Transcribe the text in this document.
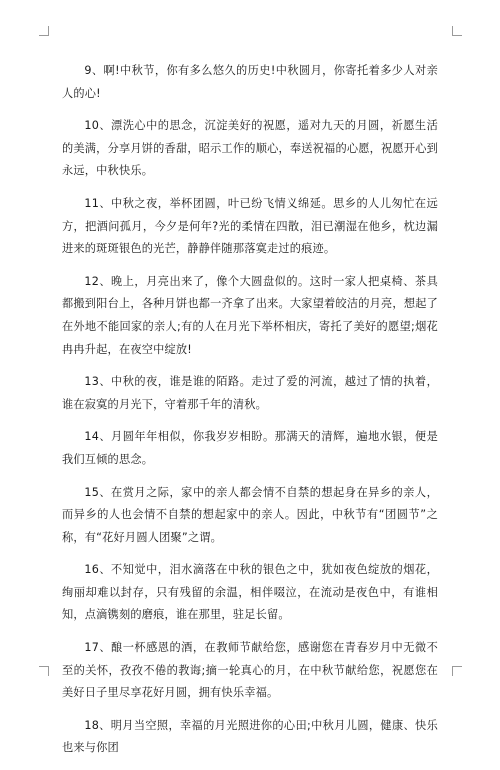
9、啊!中秋节，你有多么悠久的历史!中秋圆月，你寄托着多少人对亲人的心!

10、漂洗心中的思念，沉淀美好的祝愿，遥对九天的月圆，祈愿生活的美满，分享月饼的香甜，昭示工作的顺心，奉送祝福的心愿，祝愿开心到永远，中秋快乐。

11、中秋之夜，举杯团圆，叶已纷飞情义绵延。思乡的人儿匆忙在远方，把酒问孤月，今夕是何年?光的柔情在四散，泪已潮湿在他乡，枕边漏进来的斑斑银色的光芒，静静伴随那落寞走过的痕迹。

12、晚上，月亮出来了，像个大圆盘似的。这时一家人把桌椅、茶具都搬到阳台上，各种月饼也都一齐拿了出来。大家望着皎洁的月亮，想起了在外地不能回家的亲人;有的人在月光下举杯相庆，寄托了美好的愿望;烟花冉冉升起，在夜空中绽放!

13、中秋的夜，谁是谁的陌路。走过了爱的河流，越过了情的执着，谁在寂寞的月光下，守着那千年的清秋。

14、月圆年年相似，你我岁岁相盼。那满天的清辉，遍地水银，便是我们互倾的思念。

15、在赏月之际，家中的亲人都会情不自禁的想起身在异乡的亲人，而异乡的人也会情不自禁的想起家中的亲人。因此，中秋节有“团圆节”之称，有“花好月圆人团聚”之谓。

16、不知觉中，泪水滴落在中秋的银色之中，犹如夜色绽放的烟花，绚丽却难以封存，只有残留的余温，相伴啜泣，在流动是夜色中，有谁相知，点滴镌刻的磨痕，谁在那里，驻足长留。

17、酿一杯感恩的酒，在教师节献给您，感谢您在青春岁月中无微不至的关怀，孜孜不倦的教诲;摘一轮真心的月，在中秋节献给您，祝愿您在美好日子里尽享花好月圆，拥有快乐幸福。

18、明月当空照，幸福的月光照进你的心田;中秋月儿圆，健康、快乐也来与你团
